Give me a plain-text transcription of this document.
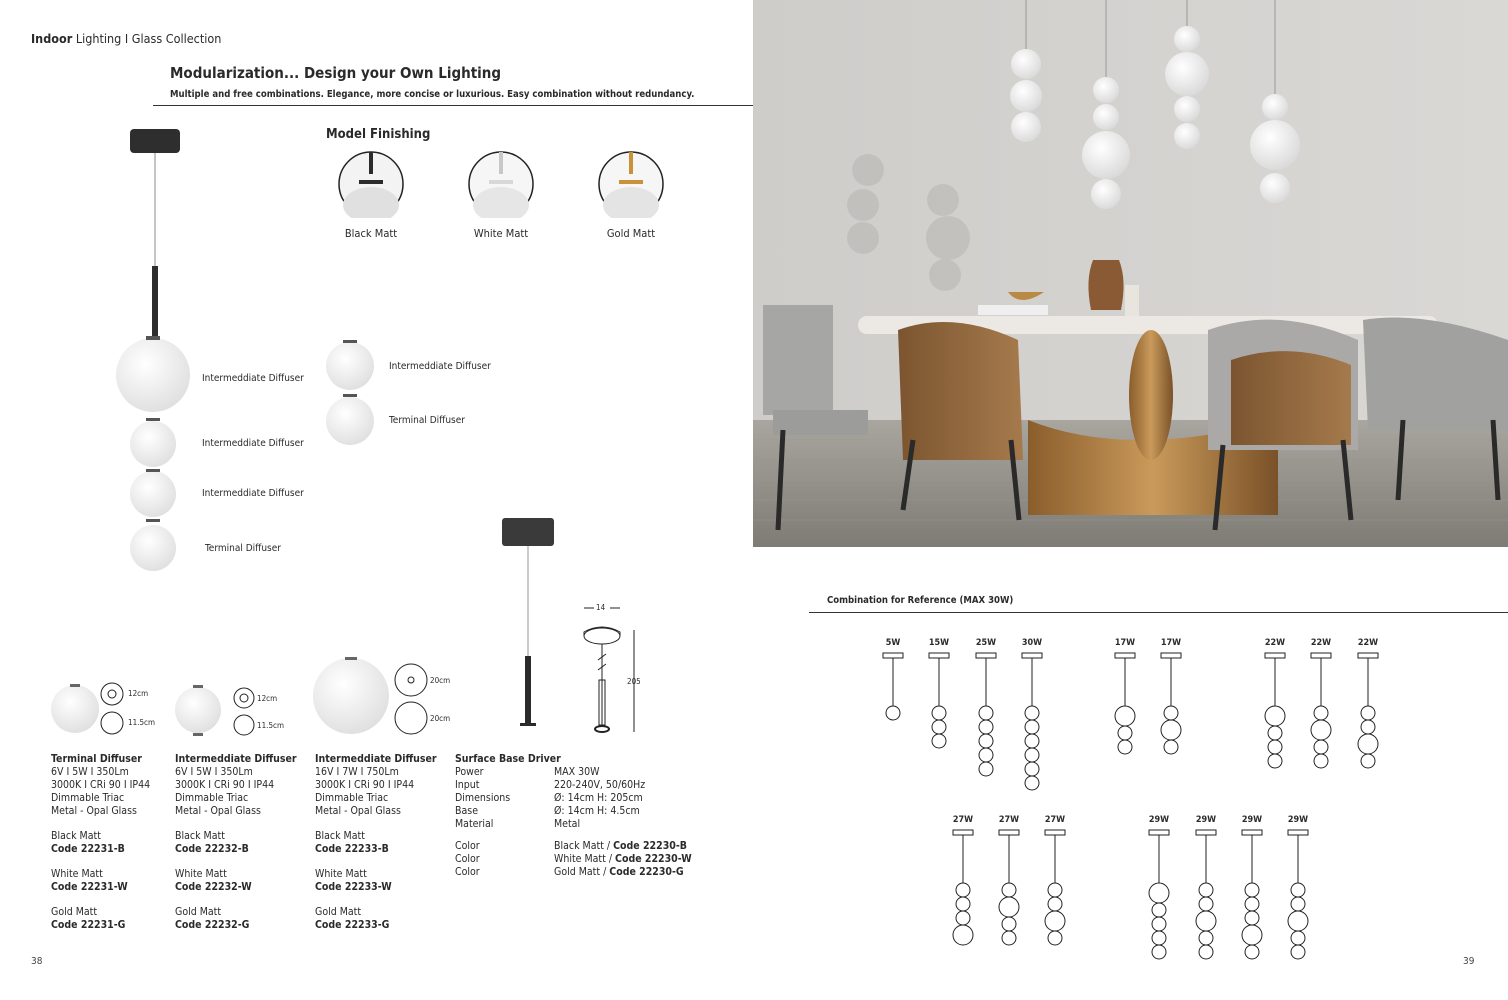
Indoor Lighting I Glass Collection
Modularization... Design your Own Lighting
Multiple and free combinations. Elegance, more concise or luxurious. Easy combination without redundancy.
Intermeddiate Diffuser
Intermeddiate Diffuser
Intermeddiate Diffuser
Terminal Diffuser
Intermeddiate Diffuser
Terminal Diffuser
Model Finishing
Black Matt	White Matt	Gold Matt
12cm
11.5cm
12cm
11.5cm
20cm
20cm
14
205
Terminal Diffuser
6V I 5W I 350Lm
3000K I CRi 90 I IP44
Dimmable Triac
Metal - Opal Glass
Black Matt
Code 22231-B
White Matt
Code 22231-W
Gold Matt
Code 22231-G
Intermeddiate Diffuser
6V I 5W I 350Lm
3000K I CRi 90 I IP44
Dimmable Triac
Metal - Opal Glass
Black Matt
Code 22232-B
White Matt
Code 22232-W
Gold Matt
Code 22232-G
Intermeddiate Diffuser
16V I 7W I 750Lm
3000K I CRi 90 I IP44
Dimmable Triac
Metal - Opal Glass
Black Matt
Code 22233-B
White Matt
Code 22233-W
Gold Matt
Code 22233-G
Surface Base Driver
Power	MAX 30W
Input	220-240V, 50/60Hz
Dimensions	Ø: 14cm H: 205cm
Base	Ø: 14cm H: 4.5cm
Material	Metal
Color	Black Matt / Code 22230-B
Color	White Matt / Code 22230-W
Color	Gold Matt / Code 22230-G
Combination for Reference (MAX 30W)
5W	15W	25W	30W	17W	17W	22W	22W	22W
27W	27W	27W	29W	29W	29W	29W
38	39
